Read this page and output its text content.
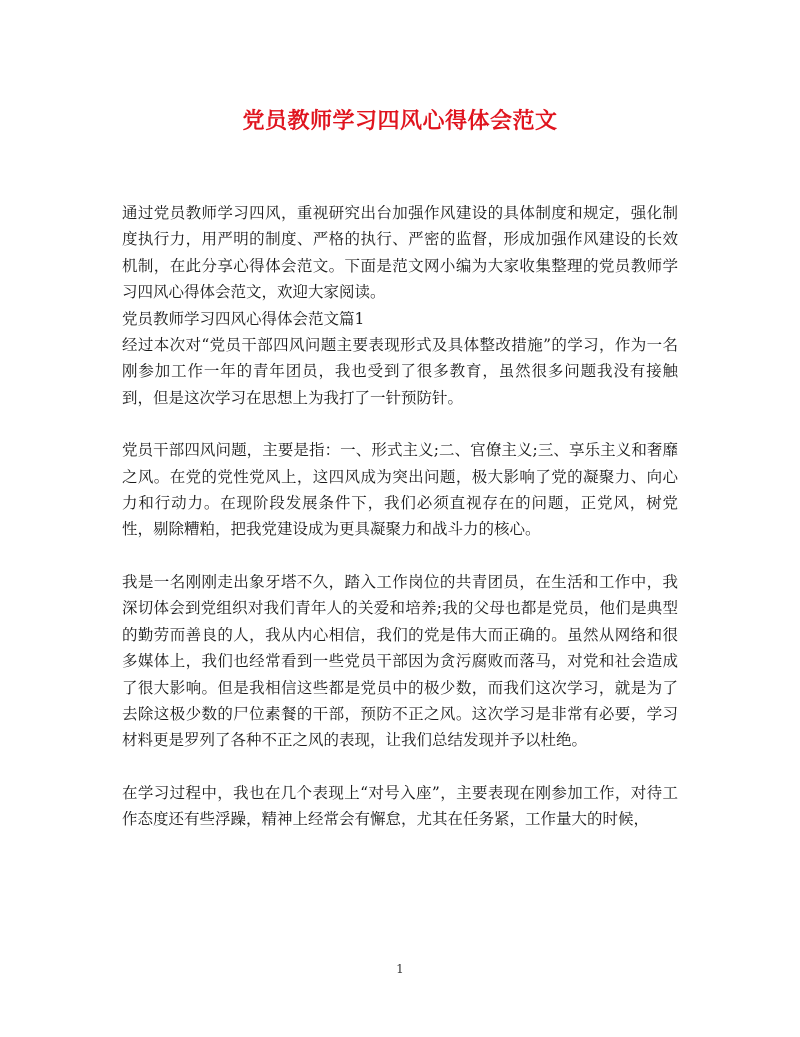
党员教师学习四风心得体会范文

通过党员教师学习四风，重视研究出台加强作风建设的具体制度和规定，强化制度执行力，用严明的制度、严格的执行、严密的监督，形成加强作风建设的长效机制，在此分享心得体会范文。下面是范文网小编为大家收集整理的党员教师学习四风心得体会范文，欢迎大家阅读。

党员教师学习四风心得体会范文篇1

经过本次对“党员干部四风问题主要表现形式及具体整改措施”的学习，作为一名刚参加工作一年的青年团员，我也受到了很多教育，虽然很多问题我没有接触到，但是这次学习在思想上为我打了一针预防针。

党员干部四风问题，主要是指：一、形式主义;二、官僚主义;三、享乐主义和奢靡之风。在党的党性党风上，这四风成为突出问题，极大影响了党的凝聚力、向心力和行动力。在现阶段发展条件下，我们必须直视存在的问题，正党风，树党性，剔除糟粕，把我党建设成为更具凝聚力和战斗力的核心。

我是一名刚刚走出象牙塔不久，踏入工作岗位的共青团员，在生活和工作中，我深切体会到党组织对我们青年人的关爱和培养;我的父母也都是党员，他们是典型的勤劳而善良的人，我从内心相信，我们的党是伟大而正确的。虽然从网络和很多媒体上，我们也经常看到一些党员干部因为贪污腐败而落马，对党和社会造成了很大影响。但是我相信这些都是党员中的极少数，而我们这次学习，就是为了去除这极少数的尸位素餐的干部，预防不正之风。这次学习是非常有必要，学习材料更是罗列了各种不正之风的表现，让我们总结发现并予以杜绝。

在学习过程中，我也在几个表现上“对号入座”，主要表现在刚参加工作，对待工作态度还有些浮躁，精神上经常会有懈怠，尤其在任务紧，工作量大的时候，

1
